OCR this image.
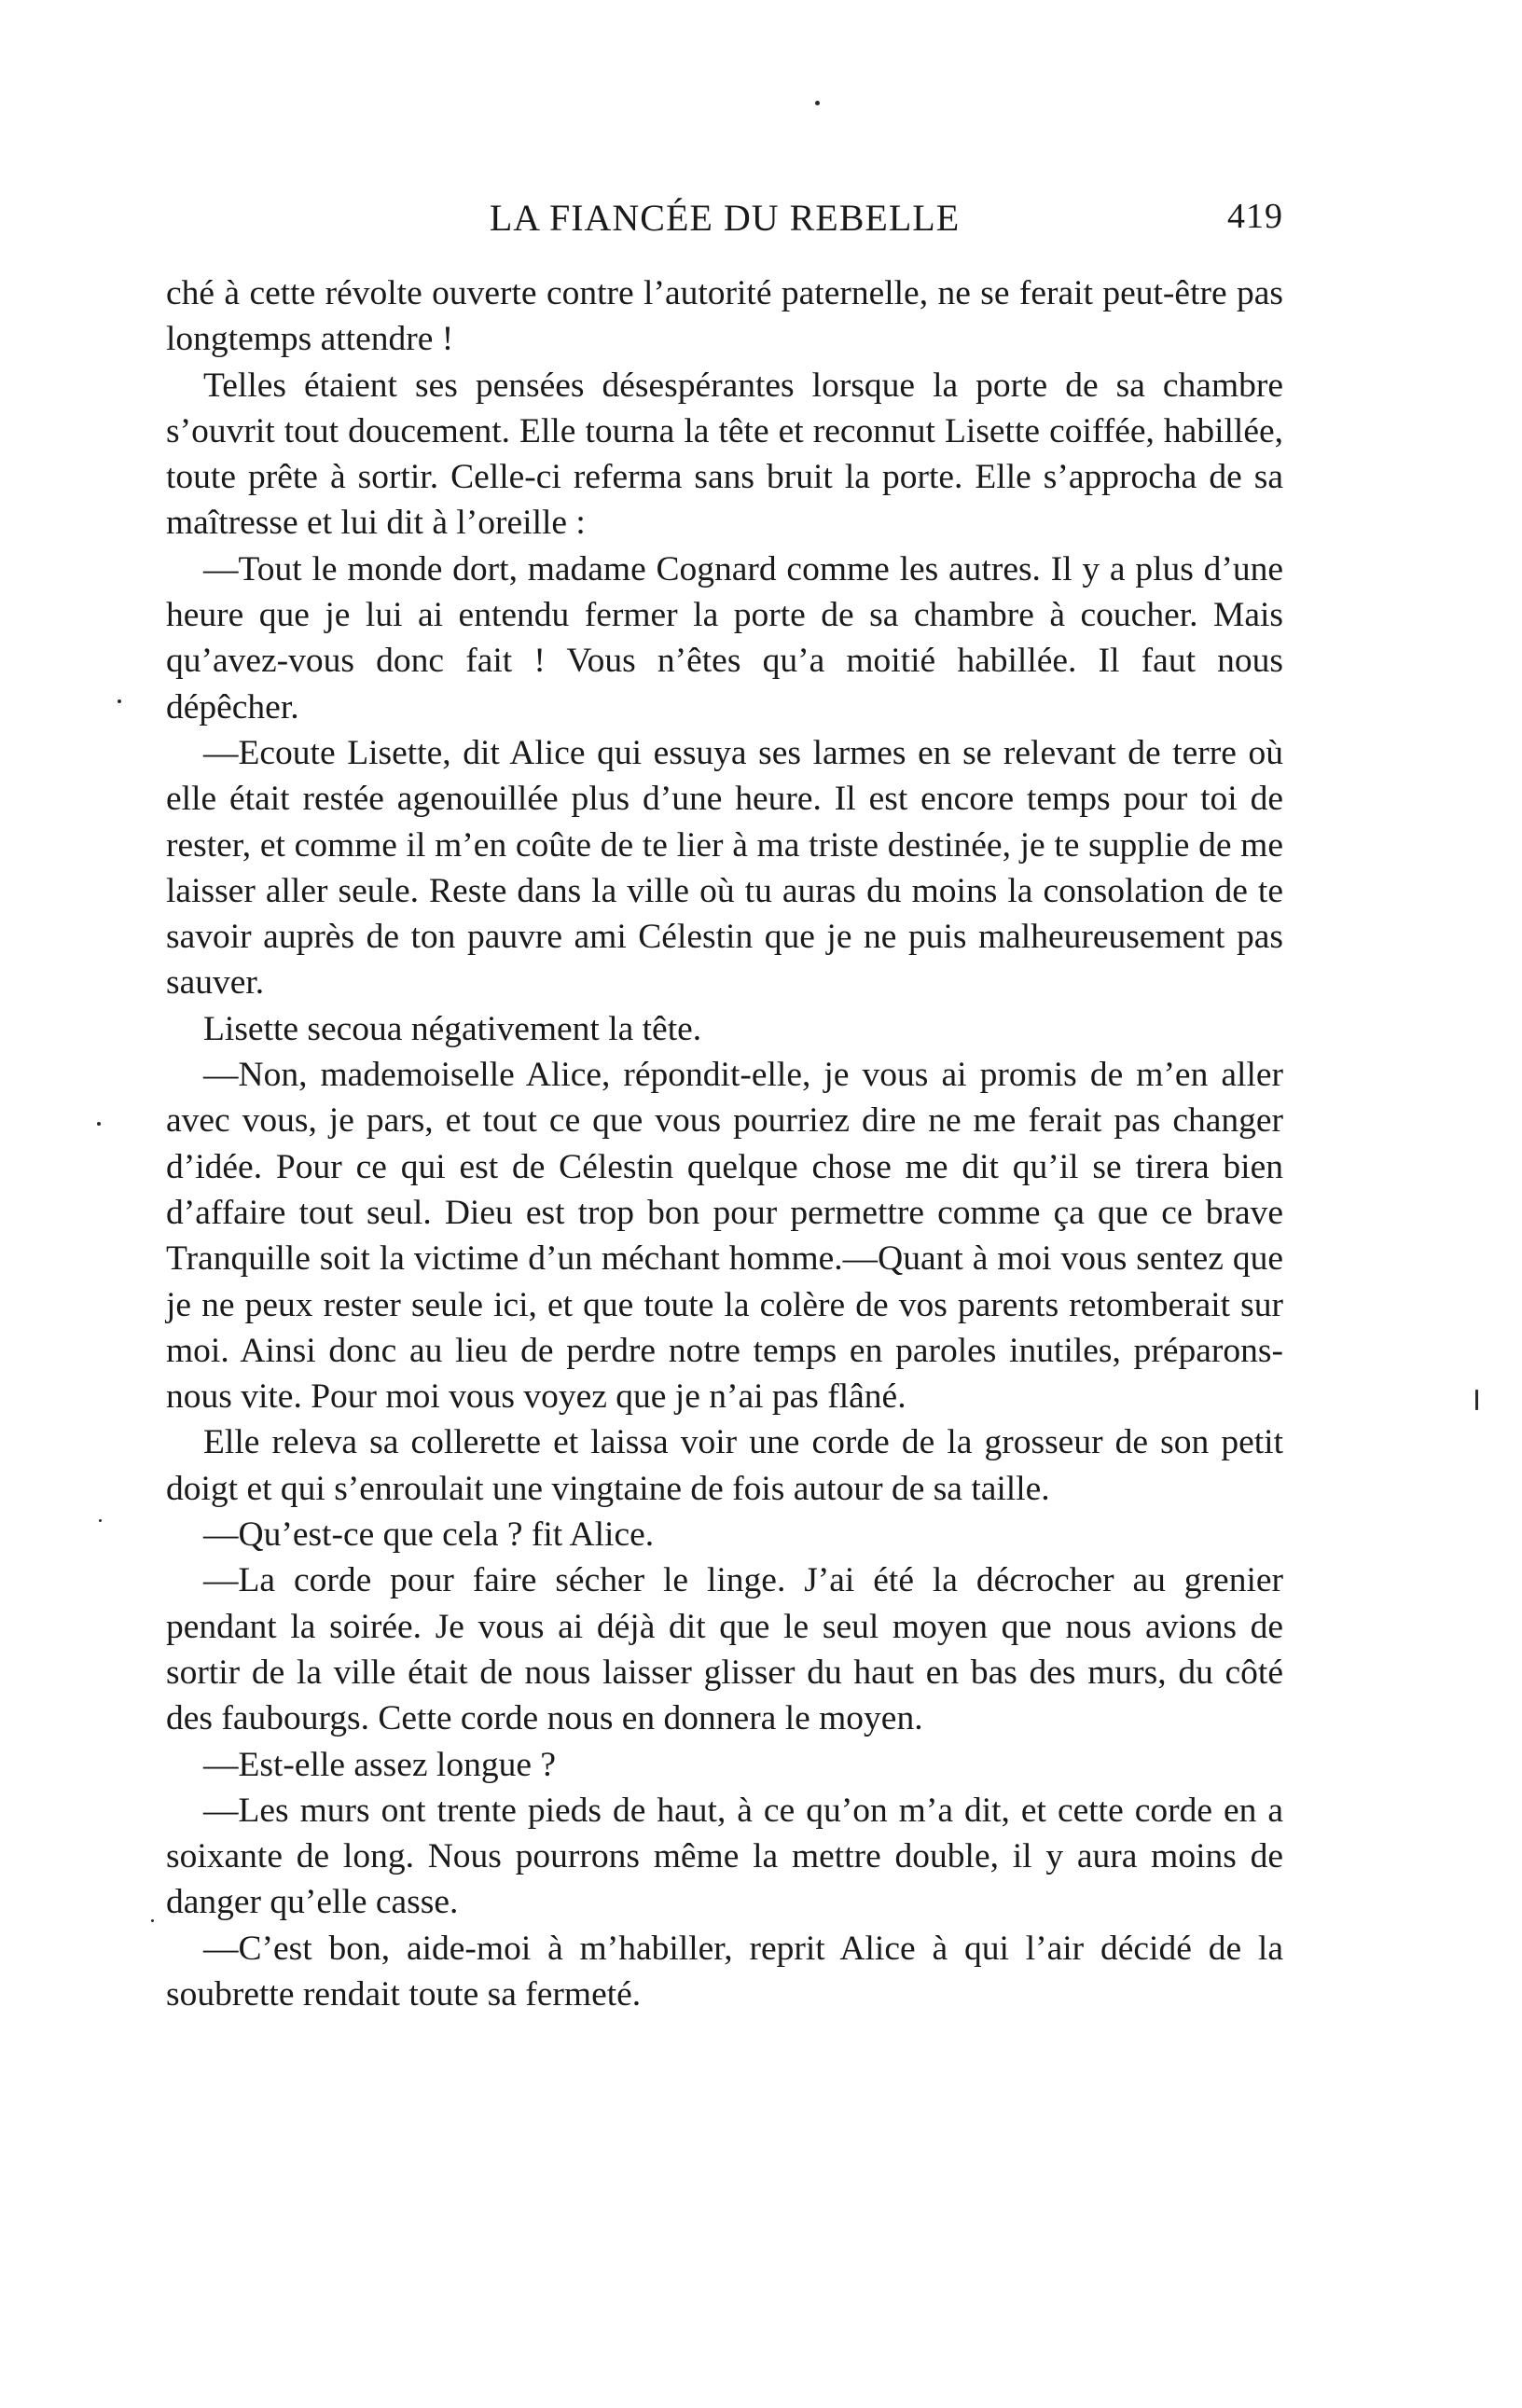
LA FIANCÉE DU REBELLE	419

ché à cette révolte ouverte contre l’autorité paternelle, ne se ferait peut-être pas longtemps attendre !

Telles étaient ses pensées désespérantes lorsque la porte de sa chambre s’ouvrit tout doucement. Elle tourna la tête et reconnut Lisette coiffée, habillée, toute prête à sortir. Celle-ci referma sans bruit la porte. Elle s’approcha de sa maîtresse et lui dit à l’oreille :

—Tout le monde dort, madame Cognard comme les autres. Il y a plus d’une heure que je lui ai entendu fermer la porte de sa chambre à coucher. Mais qu’avez-vous donc fait ! Vous n’êtes qu’a moitié habillée. Il faut nous dépêcher.

—Ecoute Lisette, dit Alice qui essuya ses larmes en se relevant de terre où elle était restée agenouillée plus d’une heure. Il est encore temps pour toi de rester, et comme il m’en coûte de te lier à ma triste destinée, je te supplie de me laisser aller seule. Reste dans la ville où tu auras du moins la consolation de te savoir auprès de ton pauvre ami Célestin que je ne puis malheureusement pas sauver.

Lisette secoua négativement la tête.

—Non, mademoiselle Alice, répondit-elle, je vous ai promis de m’en aller avec vous, je pars, et tout ce que vous pourriez dire ne me ferait pas changer d’idée. Pour ce qui est de Célestin quelque chose me dit qu’il se tirera bien d’affaire tout seul. Dieu est trop bon pour permettre comme ça que ce brave Tranquille soit la victime d’un méchant homme.—Quant à moi vous sentez que je ne peux rester seule ici, et que toute la colère de vos parents retomberait sur moi. Ainsi donc au lieu de perdre notre temps en paroles inutiles, préparons-nous vite. Pour moi vous voyez que je n’ai pas flâné.

Elle releva sa collerette et laissa voir une corde de la grosseur de son petit doigt et qui s’enroulait une vingtaine de fois autour de sa taille.

—Qu’est-ce que cela ? fit Alice.

—La corde pour faire sécher le linge. J’ai été la décrocher au grenier pendant la soirée. Je vous ai déjà dit que le seul moyen que nous avions de sortir de la ville était de nous laisser glisser du haut en bas des murs, du côté des faubourgs. Cette corde nous en donnera le moyen.

—Est-elle assez longue ?

—Les murs ont trente pieds de haut, à ce qu’on m’a dit, et cette corde en a soixante de long. Nous pourrons même la mettre double, il y aura moins de danger qu’elle casse.

—C’est bon, aide-moi à m’habiller, reprit Alice à qui l’air décidé de la soubrette rendait toute sa fermeté.
